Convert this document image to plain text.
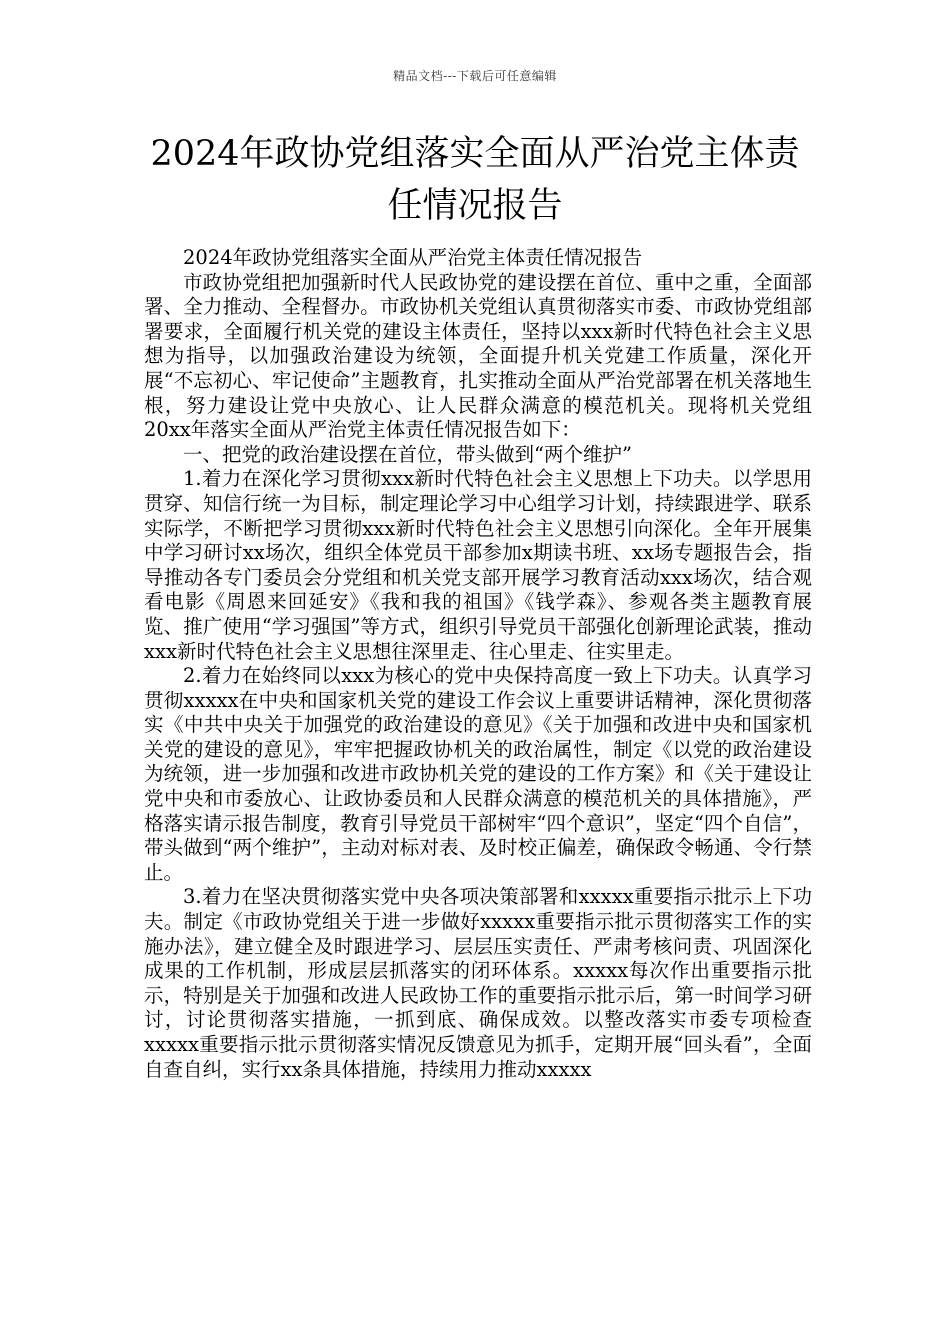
精品文档---下载后可任意编辑
2024年政协党组落实全面从严治党主体责
任情况报告

2024年政协党组落实全面从严治党主体责任情况报告

市政协党组把加强新时代人民政协党的建设摆在首位、重中之重，全面部署、全力推动、全程督办。市政协机关党组认真贯彻落实市委、市政协党组部署要求，全面履行机关党的建设主体责任，坚持以xxx新时代特色社会主义思想为指导，以加强政治建设为统领，全面提升机关党建工作质量，深化开展“不忘初心、牢记使命”主题教育，扎实推动全面从严治党部署在机关落地生根，努力建设让党中央放心、让人民群众满意的模范机关。现将机关党组20xx年落实全面从严治党主体责任情况报告如下：

一、把党的政治建设摆在首位，带头做到“两个维护”

1.着力在深化学习贯彻xxx新时代特色社会主义思想上下功夫。以学思用贯穿、知信行统一为目标，制定理论学习中心组学习计划，持续跟进学、联系实际学，不断把学习贯彻xxx新时代特色社会主义思想引向深化。全年开展集中学习研讨xx场次，组织全体党员干部参加x期读书班、xx场专题报告会，指导推动各专门委员会分党组和机关党支部开展学习教育活动xxx场次，结合观看电影《周恩来回延安》《我和我的祖国》《钱学森》、参观各类主题教育展览、推广使用“学习强国”等方式，组织引导党员干部强化创新理论武装，推动xxx新时代特色社会主义思想往深里走、往心里走、往实里走。

2.着力在始终同以xxx为核心的党中央保持高度一致上下功夫。认真学习贯彻xxxxx在中央和国家机关党的建设工作会议上重要讲话精神，深化贯彻落实《中共中央关于加强党的政治建设的意见》《关于加强和改进中央和国家机关党的建设的意见》，牢牢把握政协机关的政治属性，制定《以党的政治建设为统领，进一步加强和改进市政协机关党的建设的工作方案》和《关于建设让党中央和市委放心、让政协委员和人民群众满意的模范机关的具体措施》，严格落实请示报告制度，教育引导党员干部树牢“四个意识”，坚定“四个自信”，带头做到“两个维护”，主动对标对表、及时校正偏差，确保政令畅通、令行禁止。

3.着力在坚决贯彻落实党中央各项决策部署和xxxxx重要指示批示上下功夫。制定《市政协党组关于进一步做好xxxxx重要指示批示贯彻落实工作的实施办法》，建立健全及时跟进学习、层层压实责任、严肃考核问责、巩固深化成果的工作机制，形成层层抓落实的闭环体系。xxxxx每次作出重要指示批示，特别是关于加强和改进人民政协工作的重要指示批示后，第一时间学习研讨，讨论贯彻落实措施，一抓到底、确保成效。以整改落实市委专项检查xxxxx重要指示批示贯彻落实情况反馈意见为抓手，定期开展“回头看”，全面自查自纠，实行xx条具体措施，持续用力推动xxxxx
